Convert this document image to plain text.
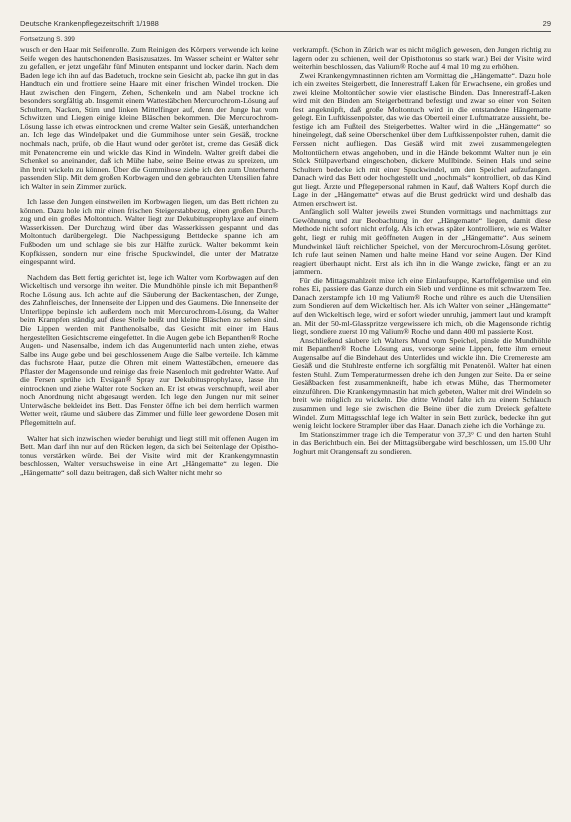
Deutsche Krankenpflegezeitschrift 1/1988	29
Fortsetzung S. 399

wusch er den Haar mit Seifenrolle. Zum Reinigen des Körpers verwende ich keine Seife wegen des hautschonenden Basiszusatzes. Im Wasser scheint er Walter sehr zu gefallen, er jetzt ungefähr fünf Minuten entspannt und locker darin. Nach dem Baden lege ich ihn auf das Badetuch, trockne sein Gesicht ab, packe ihn gut in das Handtuch ein und frottiere seine Haare mit einer frischen Windel trocken. Die Haut zwischen den Fingern, Zehen, Schenkeln und am Nabel trockne ich besonders sorgfältig ab. Insgemit einem Wattestäbchen Mercurochrom-Lösung auf Schultern, Nacken, Stirn und linken Mittelfinger auf, denn der Junge hat vom Schwitzen und Liegen einige kleine Bläschen bekommen. Die Mercurochrom-Lösung lasse ich etwas eintrocknen und creme Walter sein Gesäß, unterhandchen an. Ich lege das Windelpaket und die Gummihose unter sein Gesäß, trockne nochmals nach, prüfe, ob die Haut wund oder gerötet ist, creme das Gesäß dick mit Penatencreme ein und wickle das Kind in Windeln. Walter greift dabei die Schenkel so aneinander, daß ich Mühe habe, seine Beine etwas zu spreizen, um ihn breit wickeln zu können. Über die Gummihose ziehe ich den zum Unterhemd passenden Slip. Mit dem großen Korbwagen und den gebrauchten Utensilien fahre ich Walter in sein Zimmer zurück.

Ich lasse den Jungen einstweilen im Korbwagen liegen, um das Bett richten zu können. Dazu hole ich mir einen frischen Steigerstabbezug, einen großen Durchzug und ein großes Moltontuch. Walter liegt zur Dekubitusprophylaxe auf einem Wasserkissen. Der Durchzug wird über das Wasserkissen gespannt und das Moltontuch darübergelegt. Die Nachpessigung Bettdecke spanne ich am Fußboden um und schlage sie bis zur Hälfte zurück. Walter bekommt kein Kopfkissen, sondern nur eine frische Spuckwindel, die unter der Matratze eingespannt wird.

Nachdem das Bett fertig gerichtet ist, lege ich Walter vom Korbwagen auf den Wickeltisch und versorge ihn weiter. Die Mundhöhle pinsle ich mit Bepanthen® Roche Lösung aus. Ich achte auf die Säuberung der Backentaschen, der Zunge, des Zahnfleisches, der Innenseite der Lippen und des Gaumens. Die Innenseite der Unterlippe bepinsle ich außerdem noch mit Mercurochrom-Lösung, da Walter beim Krampfen ständig auf diese Stelle beißt und kleine Bläschen zu sehen sind. Die Lippen werden mit Panthenolsalbe, das Gesicht mit einer im Haus hergestellten Gesichtscreme eingefettet. In die Augen gebe ich Bepanthen® Roche Augen- und Nasensalbe, indem ich das Augenunterlid nach unten ziehe, etwas Salbe ins Auge gebe und bei geschlossenem Auge die Salbe verteile. Ich kämme das fuchsrote Haar, putze die Ohren mit einem Wattestäbchen, erneuere das Pflaster der Magensonde und reinige das freie Nasenloch mit gedrehter Watte. Auf die Fersen sprühe ich Evsigan® Spray zur Dekubitusprophylaxe, lasse ihn eintrocknen und ziehe Walter rote Socken an. Er ist etwas verschnupft, weil aber noch Anordnung nicht abgesaugt werden. Ich lege den Jungen nur mit seiner Unterwäsche bekleidet ins Bett. Das Fenster öffne ich bei dem herrlich warmen Wetter weit, räume und säubere das Zimmer und fülle leer gewordene Dosen mit Pflegemitteln auf.

Walter hat sich inzwischen wieder beruhigt und liegt still mit offenen Augen im Bett. Man darf ihn nur auf den Rücken legen, da sich bei Seitenlage der Opisthotonus verstärken würde. Bei der Visite wird mit der Krankengymnastin beschlossen, Walter versuchsweise in eine Art „Hängematte“ zu legen. Die „Hängematte“ soll dazu beitragen, daß sich Walter nicht mehr so

verkrampft. (Schon in Zürich war es nicht möglich gewesen, den Jungen richtig zu lagern oder zu schienen, weil der Opisthotonus so stark war.) Bei der Visite wird weiterhin beschlossen, das Valium® Roche auf 4 mal 10 mg zu erhöhen.

Zwei Krankengymnastinnen richten am Vormittag die „Hängematte“. Dazu hole ich ein zweites Steigerbett, die Innerestraff Laken für Erwachsene, ein großes und zwei kleine Moltontücher sowie vier elastische Binden. Das Innerestraff-Laken wird mit den Binden am Steigerbettrand befestigt und zwar so einer von Seiten fest angeknüpft, daß große Moltontuch wird in die entstandene Hängematte gelegt. Ein Luftkissenpolster, das wie das Oberteil einer Luftmatratze aussieht, befestige ich am Fußteil des Steigerbettes. Walter wird in die „Hängematte“ so hineingelegt, daß seine Oberschenkel über dem Luftkissenpolster ruhen, damit die Ferssen nicht aufliegen. Das Gesäß wird mit zwei zusammengelegten Moltontüchern etwas angehoben, und in die Hände bekommt Walter nun je ein Stück Stülpaverband eingeschoben, dickere Mullbinde. Seinen Hals und seine Schultern bedecke ich mit einer Spuckwindel, um den Speichel aufzufangen. Danach wird das Bett oder hochgestellt und „nochmals“ kontrolliert, ob das Kind gut liegt. Ärzte und Pflegepersonal rahmen in Kauf, daß Walters Kopf durch die Lage in der „Hängematte“ etwas auf die Brust gedrückt wird und deshalb das Atmen erschwert ist.

Anfänglich soll Walter jeweils zwei Stunden vormittags und nachmittags zur Gewöhnung und zur Beobachtung in der „Hängematte“ liegen, damit diese Methode nicht sofort nicht erfolg. Als ich etwas später kontrolliere, wie es Walter geht, liegt er ruhig mit geöffneten Augen in der „Hängematte“. Aus seinem Mundwinkel läuft reichlicher Speichel, von der Mercurochrom-Lösung gerötet. Ich rufe laut seinen Namen und halte meine Hand vor seine Augen. Der Kind reagiert überhaupt nicht. Erst als ich ihn in die Wange zwicke, fängt er an zu jammern.

Für die Mittagsmahlzeit mixe ich eine Einlaufsuppe, Kartoffelgemüse und ein rohes Ei, passiere das Ganze durch ein Sieb und verdünne es mit schwarzem Tee. Danach zerstampfe ich 10 mg Valium® Roche und rühre es auch die Utensilien zum Sondieren auf dem Wickeltisch her. Als ich Walter von seiner „Hängematte“ auf den Wickeltisch lege, wird er sofort wieder unruhig, jammert laut und krampft an. Mit der 50-ml-Glasspritze vergewissere ich mich, ob die Magensonde richtig liegt, sondiere zuerst 10 mg Valium® Roche und dann 400 ml passierte Kost.

Anschließend säubere ich Walters Mund vom Speichel, pinsle die Mundhöhle mit Bepanthen® Roche Lösung aus, versorge seine Lippen, fette ihm erneut Augensalbe auf die Bindehaut des Unterlides und wickle ihn. Die Cremereste am Gesäß und die Stuhlreste entferne ich sorgfältig mit Penatenöl. Walter hat einen festen Stuhl. Zum Temperaturmessen drehe ich den Jungen zur Seite. Da er seine Gesäßbacken fest zusammenkneift, habe ich etwas Mühe, das Thermometer einzuführen. Die Krankengymnastin hat mich gebeten, Walter mit drei Windeln so breit wie möglich zu wickeln. Die dritte Windel falte ich zu einem Schlauch zusammen und lege sie zwischen die Beine über die zum Dreieck gefaltete Windel. Zum Mittagsschlaf lege ich Walter in sein Bett zurück, bedecke ihn gut wenig leicht lockere Strampler über das Haar. Danach ziehe ich die Vorhänge zu.

Im Stationszimmer trage ich die Temperatur von 37,3° C und den harten Stuhl in das Berichtbuch ein. Bei der Mittagsübergabe wird beschlossen, um 15.00 Uhr Joghurt mit Orangensaft zu sondieren.
